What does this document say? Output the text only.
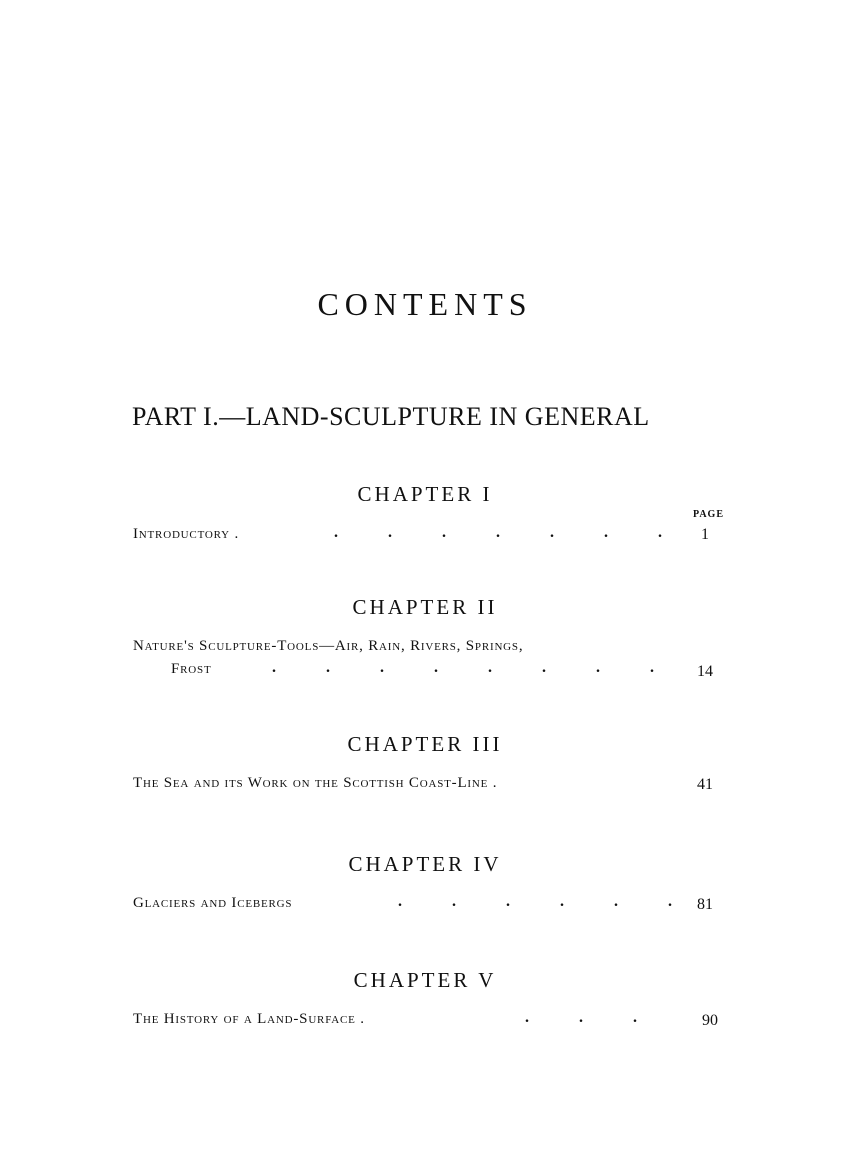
CONTENTS
PART I.—LAND-SCULPTURE IN GENERAL
CHAPTER I
PAGE
Introductory .	. . . . . . . 1
CHAPTER II
Nature's Sculpture-Tools—Air, Rain, Rivers, Springs,
Frost	. . . . . . . .	14
CHAPTER III
The Sea and its Work on the Scottish Coast-Line .	41
CHAPTER IV
Glaciers and Icebergs	. . . . . . 81
CHAPTER V
The History of a Land-Surface .	. . .	90
